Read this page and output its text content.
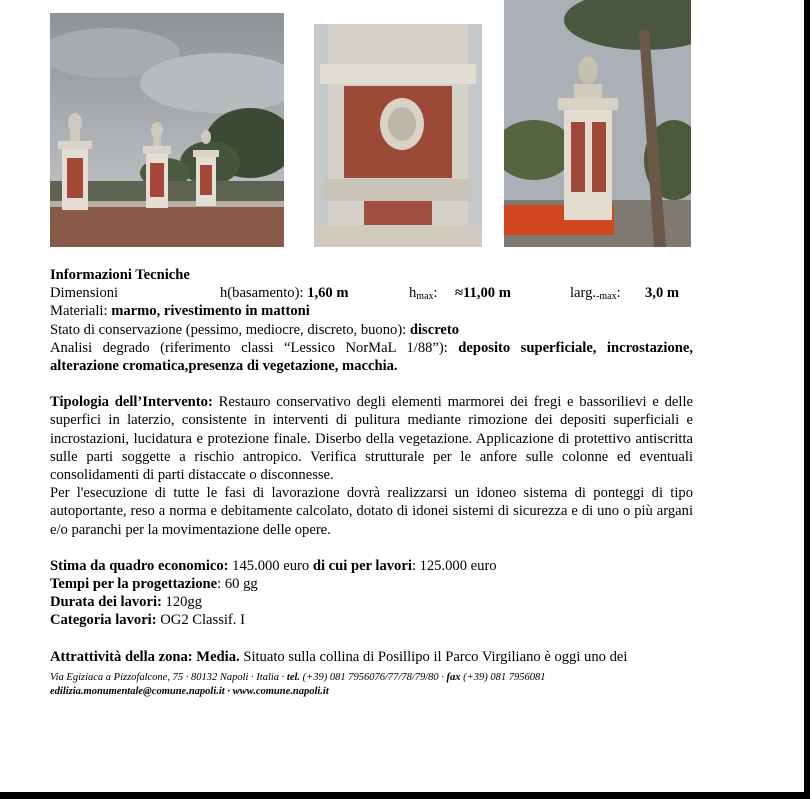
Informazioni Tecniche

Dimensioni	h(basamento): 1,60 m	$h_{max}$: ≈11,00 m	$larg._{-max}$: 3,0 m

Materiali: marmo, rivestimento in mattoni

Stato di conservazione (pessimo, mediocre, discreto, buono): discreto

Analisi degrado (riferimento classi “Lessico NorMaL 1/88”): deposito superficiale, incrostazione, alterazione cromatica,presenza di vegetazione, macchia.

Tipologia dell’Intervento: Restauro conservativo degli elementi marmorei dei fregi e bassorilievi e delle superfici in laterzio, consistente in interventi di pulitura mediante rimozione dei depositi superficiali e incrostazioni, lucidatura e protezione finale. Diserbo della vegetazione. Applicazione di protettivo antiscritta sulle parti soggette a rischio antropico. Verifica strutturale per le anfore sulle colonne ed eventuali consolidamenti di parti distaccate o disconnesse.

Per l'esecuzione di tutte le fasi di lavorazione dovrà realizzarsi un idoneo sistema di ponteggi di tipo autoportante, reso a norma e debitamente calcolato, dotato di idonei sistemi di sicurezza e di uno o più argani e/o paranchi per la movimentazione delle opere.

Stima da quadro economico: 145.000 euro di cui per lavori: 125.000 euro

Tempi per la progettazione: 60 gg

Durata dei lavori: 120gg

Categoria lavori: OG2 Classif. I

Attrattività della zona: Media. Situato sulla collina di Posillipo il Parco Virgiliano è oggi uno dei

Via Egiziaca a Pizzofalcone, 75 · 80132 Napoli · Italia · tel. (+39) 081 7956076/77/78/79/80 · fax (+39) 081 7956081
edilizia.monumentale@comune.napoli.it · www.comune.napoli.it
